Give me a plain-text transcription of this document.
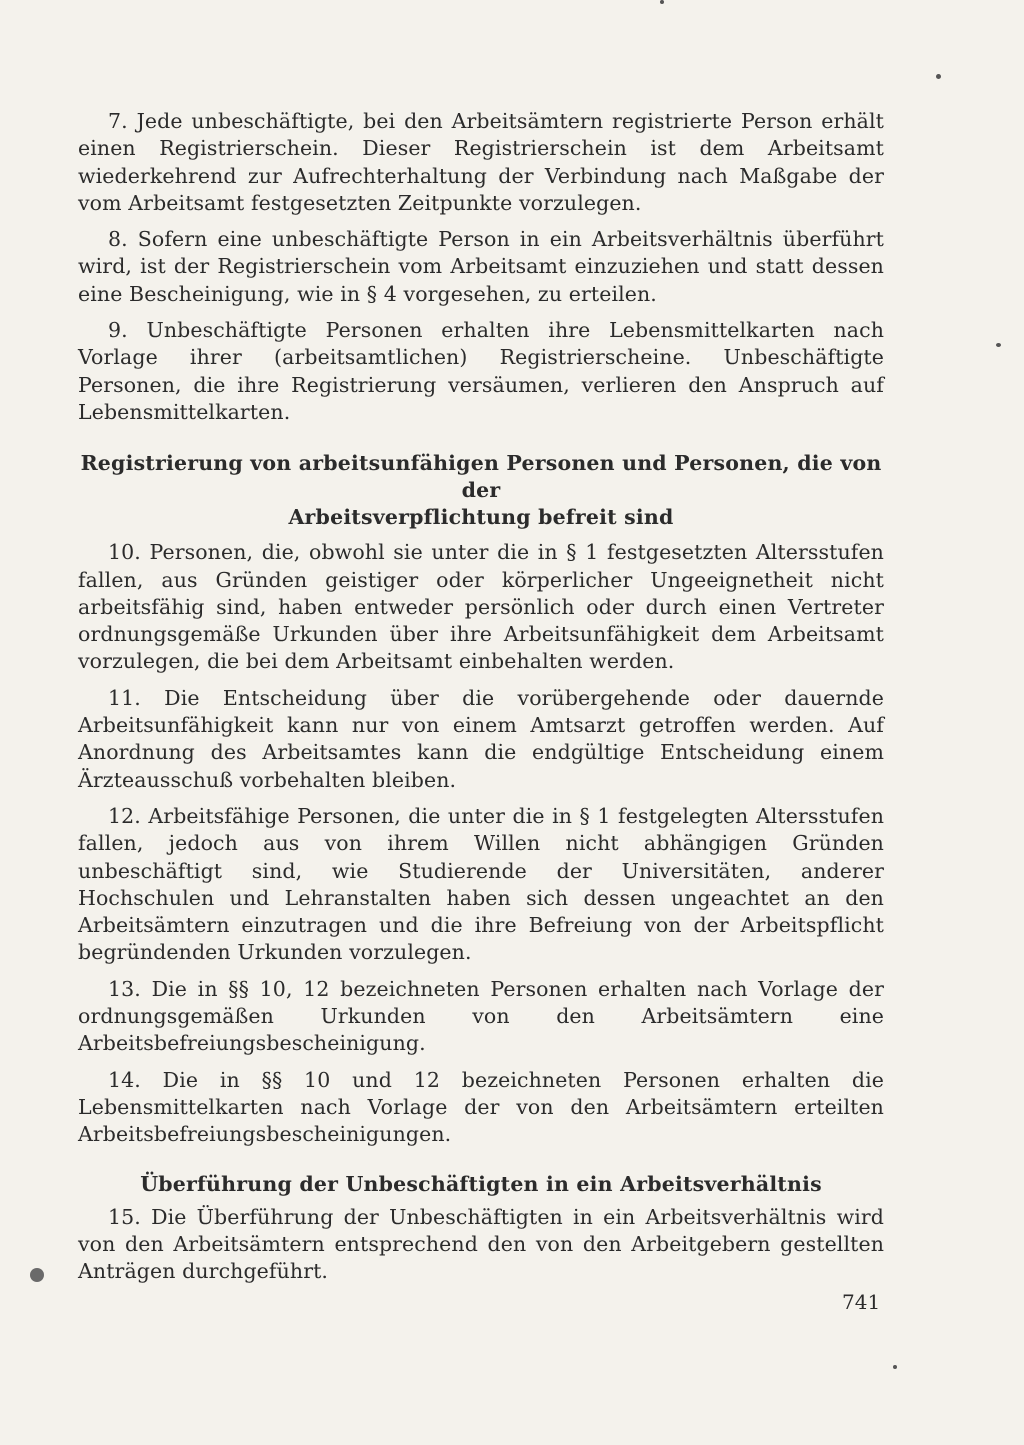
7. Jede unbeschäftigte, bei den Arbeitsämtern registrierte Person erhält einen Registrierschein. Dieser Registrierschein ist dem Arbeitsamt wiederkehrend zur Aufrechterhaltung der Verbindung nach Maßgabe der vom Arbeitsamt festgesetzten Zeitpunkte vorzulegen.

8. Sofern eine unbeschäftigte Person in ein Arbeitsverhältnis überführt wird, ist der Registrierschein vom Arbeitsamt einzuziehen und statt dessen eine Bescheinigung, wie in § 4 vorgesehen, zu erteilen.

9. Unbeschäftigte Personen erhalten ihre Lebensmittelkarten nach Vorlage ihrer (arbeitsamtlichen) Registrierscheine. Unbeschäftigte Personen, die ihre Registrierung versäumen, verlieren den Anspruch auf Lebensmittelkarten.

Registrierung von arbeitsunfähigen Personen und Personen, die von der
Arbeitsverpflichtung befreit sind

10. Personen, die, obwohl sie unter die in § 1 festgesetzten Altersstufen fallen, aus Gründen geistiger oder körperlicher Ungeeignetheit nicht arbeitsfähig sind, haben entweder persönlich oder durch einen Vertreter ordnungsgemäße Urkunden über ihre Arbeitsunfähigkeit dem Arbeitsamt vorzulegen, die bei dem Arbeitsamt einbehalten werden.

11. Die Entscheidung über die vorübergehende oder dauernde Arbeitsunfähigkeit kann nur von einem Amtsarzt getroffen werden. Auf Anordnung des Arbeitsamtes kann die endgültige Entscheidung einem Ärzteausschuß vorbehalten bleiben.

12. Arbeitsfähige Personen, die unter die in § 1 festgelegten Altersstufen fallen, jedoch aus von ihrem Willen nicht abhängigen Gründen unbeschäftigt sind, wie Studierende der Universitäten, anderer Hochschulen und Lehranstalten haben sich dessen ungeachtet an den Arbeitsämtern einzutragen und die ihre Befreiung von der Arbeitspflicht begründenden Urkunden vorzulegen.

13. Die in §§ 10, 12 bezeichneten Personen erhalten nach Vorlage der ordnungsgemäßen Urkunden von den Arbeitsämtern eine Arbeitsbefreiungsbescheinigung.

14. Die in §§ 10 und 12 bezeichneten Personen erhalten die Lebensmittelkarten nach Vorlage der von den Arbeitsämtern erteilten Arbeitsbefreiungsbescheinigungen.

Überführung der Unbeschäftigten in ein Arbeitsverhältnis

15. Die Überführung der Unbeschäftigten in ein Arbeitsverhältnis wird von den Arbeitsämtern entsprechend den von den Arbeitgebern gestellten Anträgen durchgeführt.

741
